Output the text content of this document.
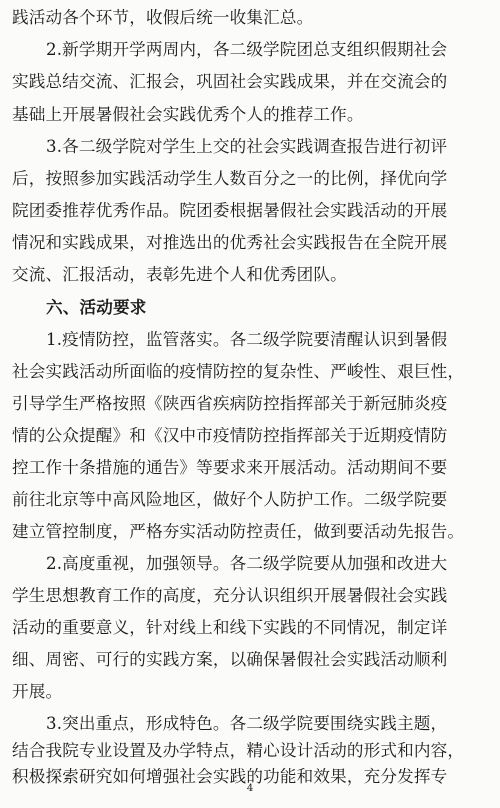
践活动各个环节，收假后统一收集汇总。
2.新学期开学两周内，各二级学院团总支组织假期社会
实践总结交流、汇报会，巩固社会实践成果，并在交流会的
基础上开展暑假社会实践优秀个人的推荐工作。
3.各二级学院对学生上交的社会实践调查报告进行初评
后，按照参加实践活动学生人数百分之一的比例，择优向学
院团委推荐优秀作品。院团委根据暑假社会实践活动的开展
情况和实践成果，对推选出的优秀社会实践报告在全院开展
交流、汇报活动，表彰先进个人和优秀团队。
六、活动要求
1.疫情防控，监管落实。各二级学院要清醒认识到暑假
社会实践活动所面临的疫情防控的复杂性、严峻性、艰巨性，
引导学生严格按照《陕西省疾病防控指挥部关于新冠肺炎疫
情的公众提醒》和《汉中市疫情防控指挥部关于近期疫情防
控工作十条措施的通告》等要求来开展活动。活动期间不要
前往北京等中高风险地区，做好个人防护工作。二级学院要
建立管控制度，严格夯实活动防控责任，做到要活动先报告。
2.高度重视，加强领导。各二级学院要从加强和改进大
学生思想教育工作的高度，充分认识组织开展暑假社会实践
活动的重要意义，针对线上和线下实践的不同情况，制定详
细、周密、可行的实践方案，以确保暑假社会实践活动顺利
开展。
3.突出重点，形成特色。各二级学院要围绕实践主题，
结合我院专业设置及办学特点，精心设计活动的形式和内容，
积极探索研究如何增强社会实践的功能和效果，充分发挥专
4
